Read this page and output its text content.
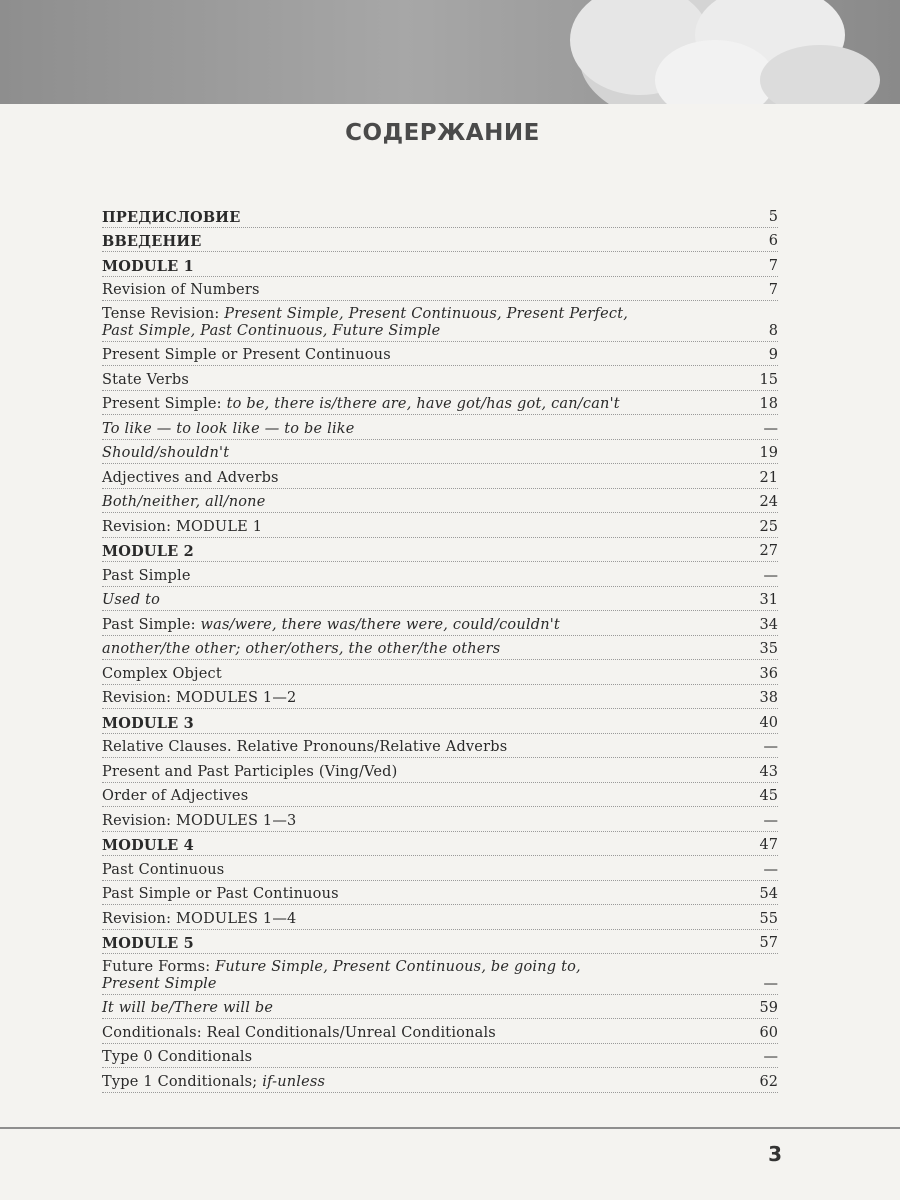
СОДЕРЖАНИЕ
ПРЕДИСЛОВИЕ	5
ВВЕДЕНИЕ	6
MODULE 1	7
Revision of Numbers	7
Tense Revision: Present Simple, Present Continuous, Present Perfect,
Past Simple, Past Continuous, Future Simple	8
Present Simple or Present Continuous	9
State Verbs	15
Present Simple: to be, there is/there are, have got/has got, can/can't	18
To like — to look like — to be like	—
Should/shouldn't	19
Adjectives and Adverbs	21
Both/neither, all/none	24
Revision: MODULE 1	25
MODULE 2	27
Past Simple	—
Used to	31
Past Simple: was/were, there was/there were, could/couldn't	34
another/the other; other/others, the other/the others	35
Complex Object	36
Revision: MODULES 1—2	38
MODULE 3	40
Relative Clauses. Relative Pronouns/Relative Adverbs	—
Present and Past Participles (Ving/Ved)	43
Order of Adjectives	45
Revision: MODULES 1—3	—
MODULE 4	47
Past Continuous	—
Past Simple or Past Continuous	54
Revision: MODULES 1—4	55
MODULE 5	57
Future Forms: Future Simple, Present Continuous, be going to,
Present Simple	—
It will be/There will be	59
Conditionals: Real Conditionals/Unreal Conditionals	60
Type 0 Conditionals	—
Type 1 Conditionals; if-unless	62
3
